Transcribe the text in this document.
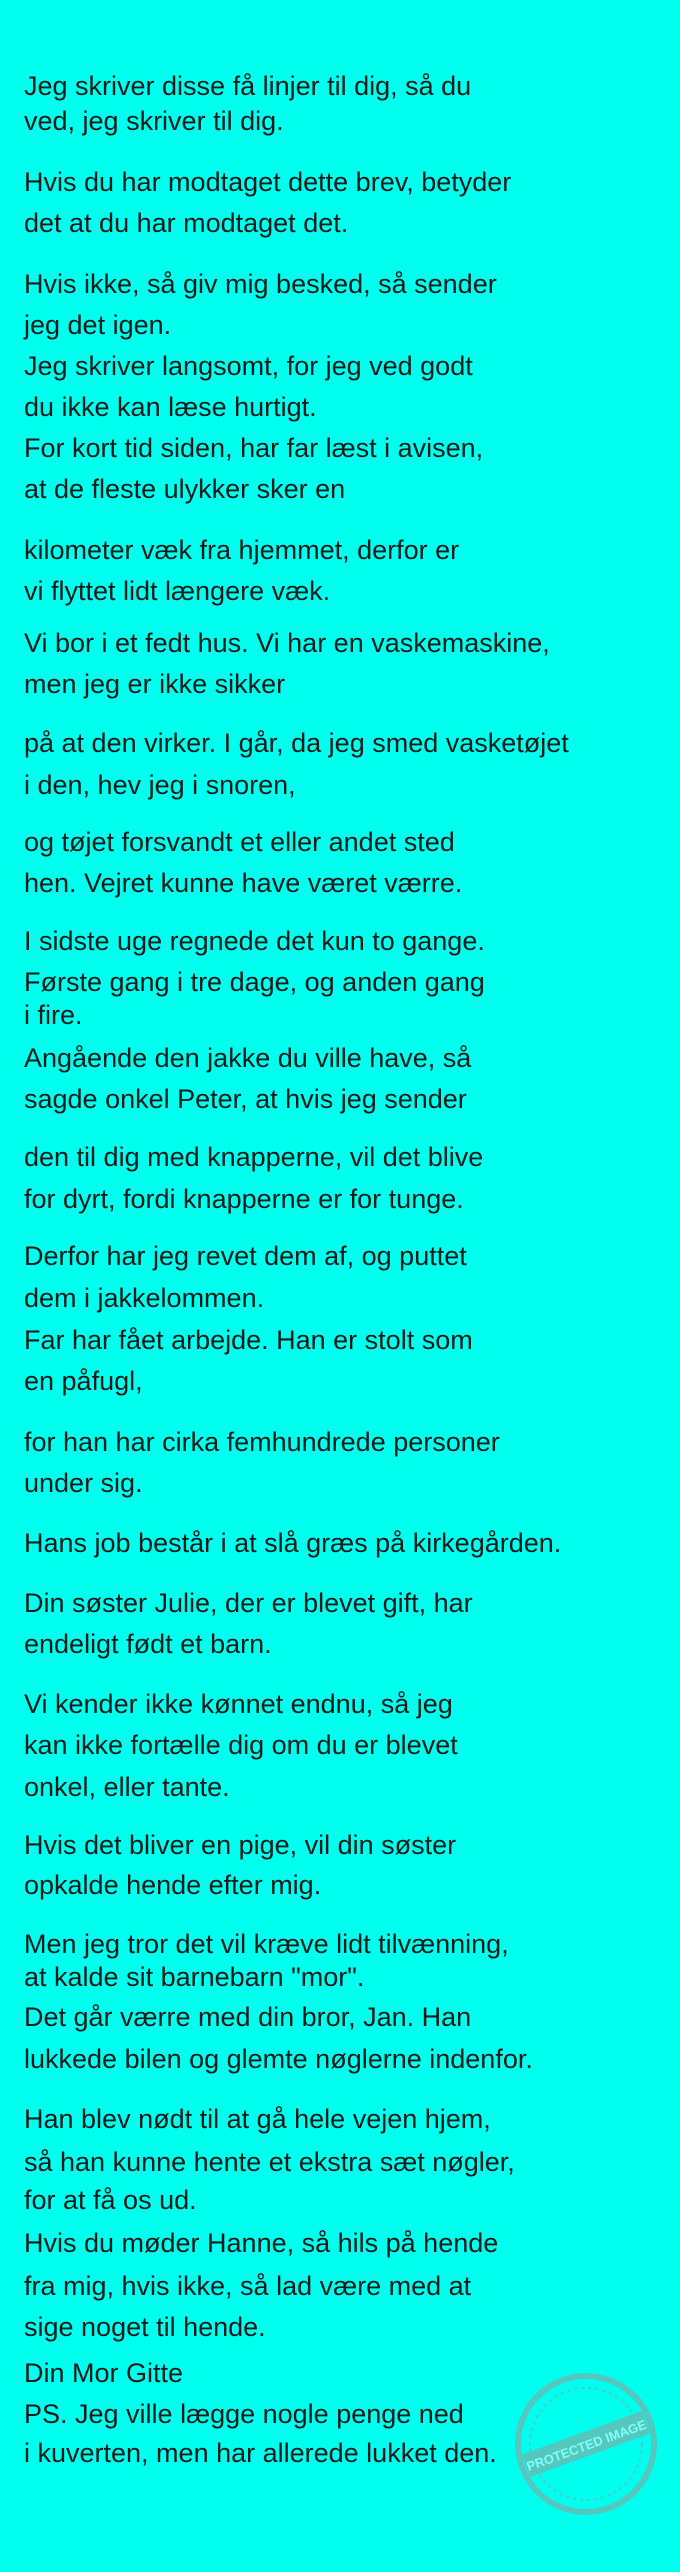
Jeg skriver disse få linjer til dig, så du
ved, jeg skriver til dig.
Hvis du har modtaget dette brev, betyder
det at du har modtaget det.
Hvis ikke, så giv mig besked, så sender
jeg det igen.
Jeg skriver langsomt, for jeg ved godt
du ikke kan læse hurtigt.
For kort tid siden, har far læst i avisen,
at de fleste ulykker sker en
kilometer væk fra hjemmet, derfor er
vi flyttet lidt længere væk.
Vi bor i et fedt hus. Vi har en vaskemaskine,
men jeg er ikke sikker
på at den virker. I går, da jeg smed vasketøjet
i den, hev jeg i snoren,
og tøjet forsvandt et eller andet sted
hen. Vejret kunne have været værre.
I sidste uge regnede det kun to gange.
Første gang i tre dage, og anden gang
i fire.
Angående den jakke du ville have, så
sagde onkel Peter, at hvis jeg sender
den til dig med knapperne, vil det blive
for dyrt, fordi knapperne er for tunge.
Derfor har jeg revet dem af, og puttet
dem i jakkelommen.
Far har fået arbejde. Han er stolt som
en påfugl,
for han har cirka femhundrede personer
under sig.
Hans job består i at slå græs på kirkegården.
Din søster Julie, der er blevet gift, har
endeligt født et barn.
Vi kender ikke kønnet endnu, så jeg
kan ikke fortælle dig om du er blevet
onkel, eller tante.
Hvis det bliver en pige, vil din søster
opkalde hende efter mig.
Men jeg tror det vil kræve lidt tilvænning,
at kalde sit barnebarn "mor".
Det går værre med din bror, Jan. Han
lukkede bilen og glemte nøglerne indenfor.
Han blev nødt til at gå hele vejen hjem,
så han kunne hente et ekstra sæt nøgler,
for at få os ud.
Hvis du møder Hanne, så hils på hende
fra mig, hvis ikke, så lad være med at
sige noget til hende.
Din Mor Gitte
PS. Jeg ville lægge nogle penge ned
i kuverten, men har allerede lukket den. PROTECTED IMAGE
